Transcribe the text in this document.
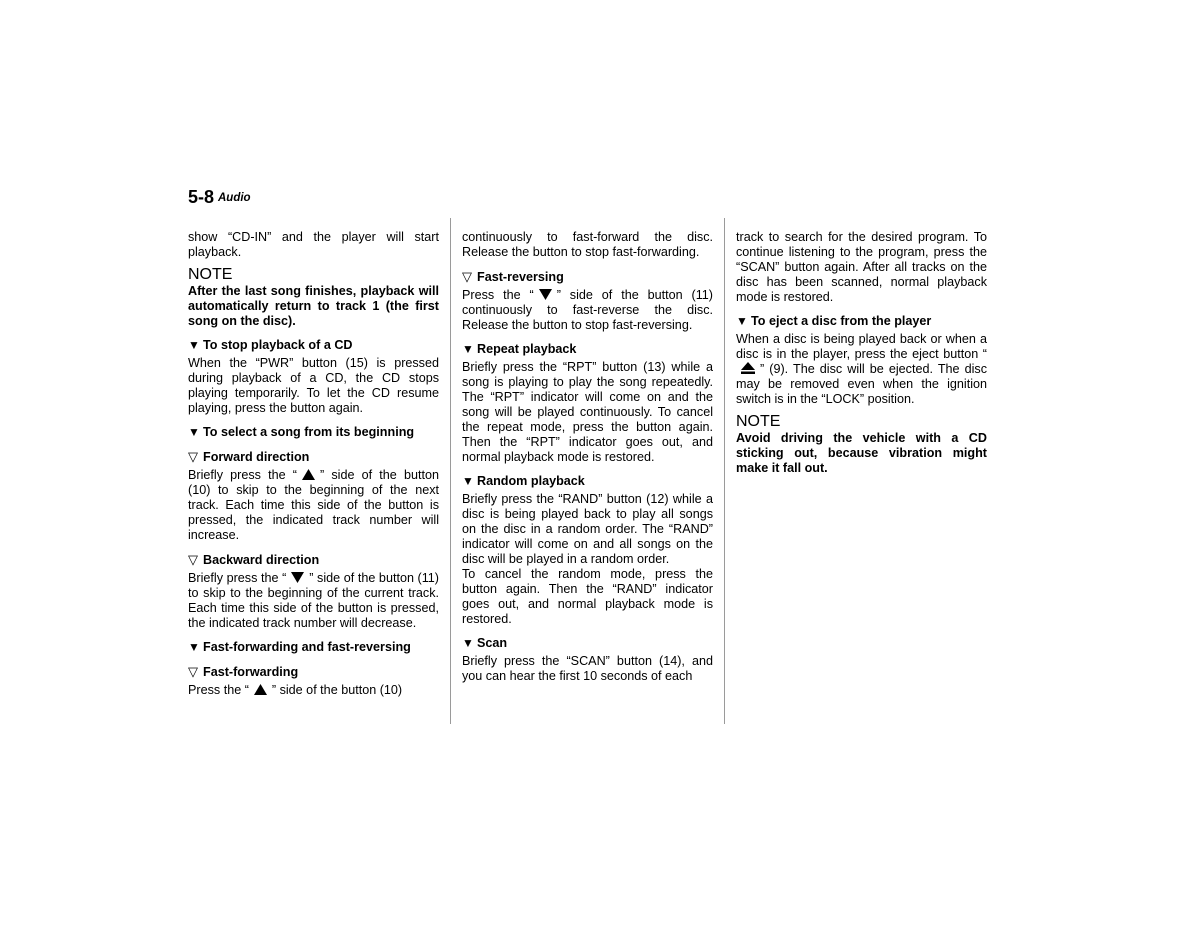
5-8 Audio

show “CD-IN” and the player will start playback.

NOTE

After the last song finishes, playback will automatically return to track 1 (the first song on the disc).

▼ To stop playback of a CD

When the “PWR” button (15) is pressed during playback of a CD, the CD stops playing temporarily. To let the CD resume playing, press the button again.

▼ To select a song from its beginning
▽ Forward direction

Briefly press the “ ” side of the button (10) to skip to the beginning of the next track. Each time this side of the button is pressed, the indicated track number will increase.

▽ Backward direction

Briefly press the “ ” side of the button (11) to skip to the beginning of the current track. Each time this side of the button is pressed, the indicated track number will decrease.

▼ Fast-forwarding and fast-reversing
▽ Fast-forwarding

Press the “ ” side of the button (10)

continuously to fast-forward the disc. Release the button to stop fast-forwarding.

▽ Fast-reversing

Press the “ ” side of the button (11) continuously to fast-reverse the disc. Release the button to stop fast-reversing.

▼ Repeat playback

Briefly press the “RPT” button (13) while a song is playing to play the song repeatedly. The “RPT” indicator will come on and the song will be played continuously. To cancel the repeat mode, press the button again. Then the “RPT” indicator goes out, and normal playback mode is restored.

▼ Random playback

Briefly press the “RAND” button (12) while a disc is being played back to play all songs on the disc in a random order. The “RAND” indicator will come on and all songs on the disc will be played in a random order.

To cancel the random mode, press the button again. Then the “RAND” indicator goes out, and normal playback mode is restored.

▼ Scan

Briefly press the “SCAN” button (14), and you can hear the first 10 seconds of each

track to search for the desired program. To continue listening to the program, press the “SCAN” button again. After all tracks on the disc has been scanned, normal playback mode is restored.

▼ To eject a disc from the player

When a disc is being played back or when a disc is in the player, press the eject button “” (9). The disc will be ejected. The disc may be removed even when the ignition switch is in the “LOCK” position.

NOTE

Avoid driving the vehicle with a CD sticking out, because vibration might make it fall out.
